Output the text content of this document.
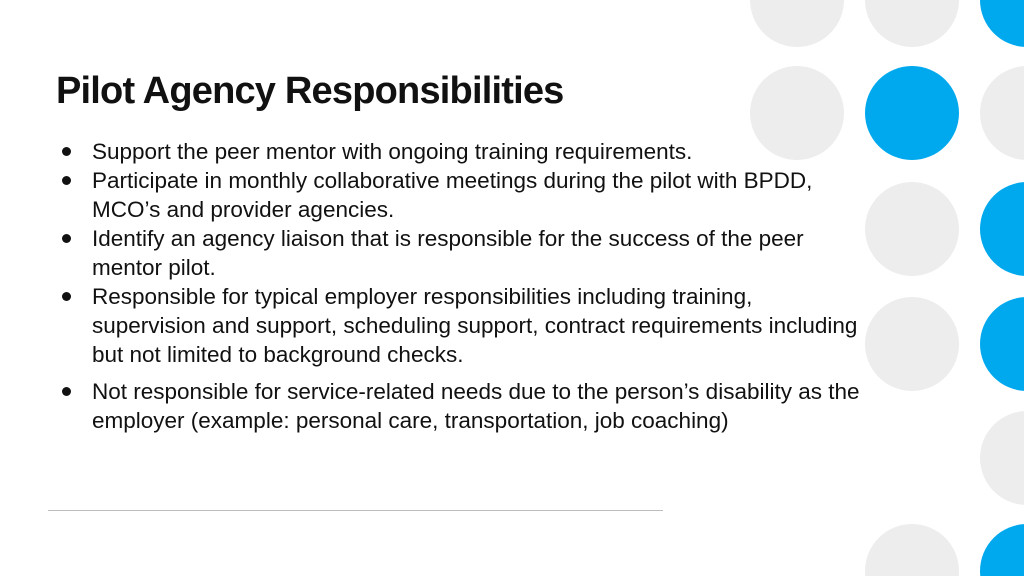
Pilot Agency Responsibilities
Support the peer mentor with ongoing training requirements.
Participate in monthly collaborative meetings during the pilot with BPDD, MCO’s and provider agencies.
Identify an agency liaison that is responsible for the success of the peer mentor pilot.
Responsible for typical employer responsibilities including training, supervision and support, scheduling support, contract requirements including but not limited to background checks.
Not responsible for service-related needs due to the person’s disability as the employer (example: personal care, transportation, job coaching)
